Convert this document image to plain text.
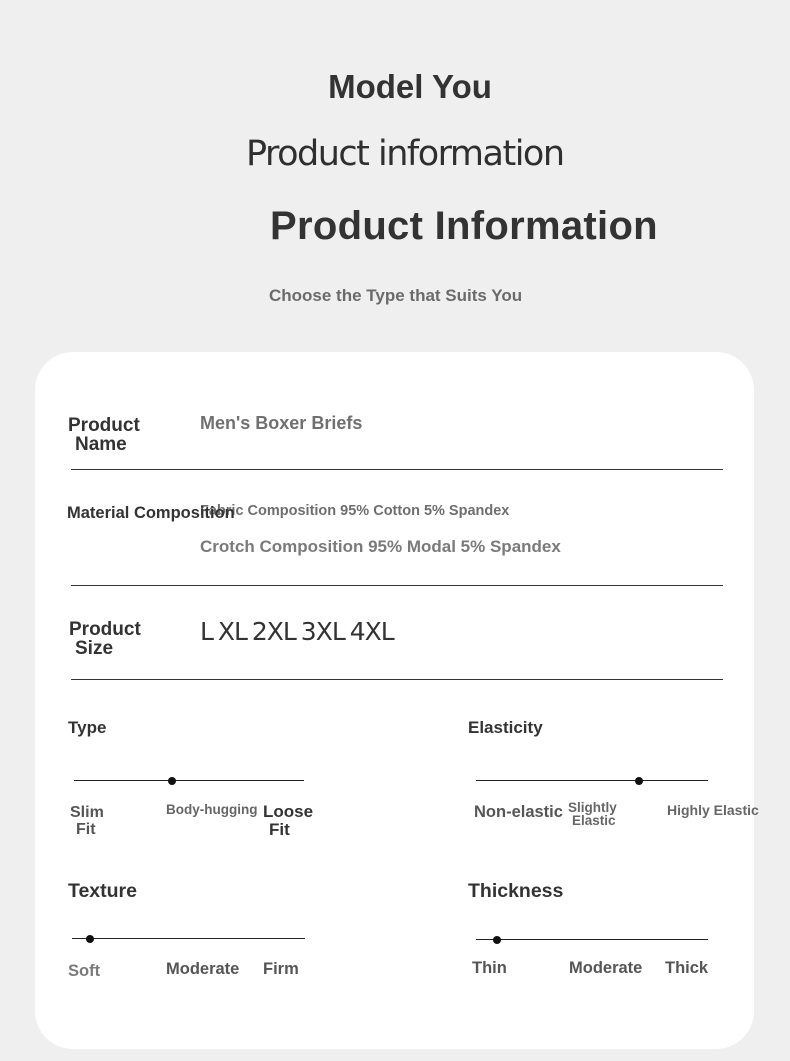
Model You
Product information
Product Information
Choose the Type that Suits You
Product
Name
Men's Boxer Briefs
Fabric Composition 95% Cotton 5% Spandex
Material Composition
Crotch Composition 95% Modal 5% Spandex
Product
Size
L XL 2XL 3XL 4XL
Type
Slim
Fit
Body-hugging Loose
Fit
Elasticity
Non-elastic Slightly
Elastic
Highly Elastic
Texture
Soft	Moderate Firm
Thickness
Thin	Moderate Thick
